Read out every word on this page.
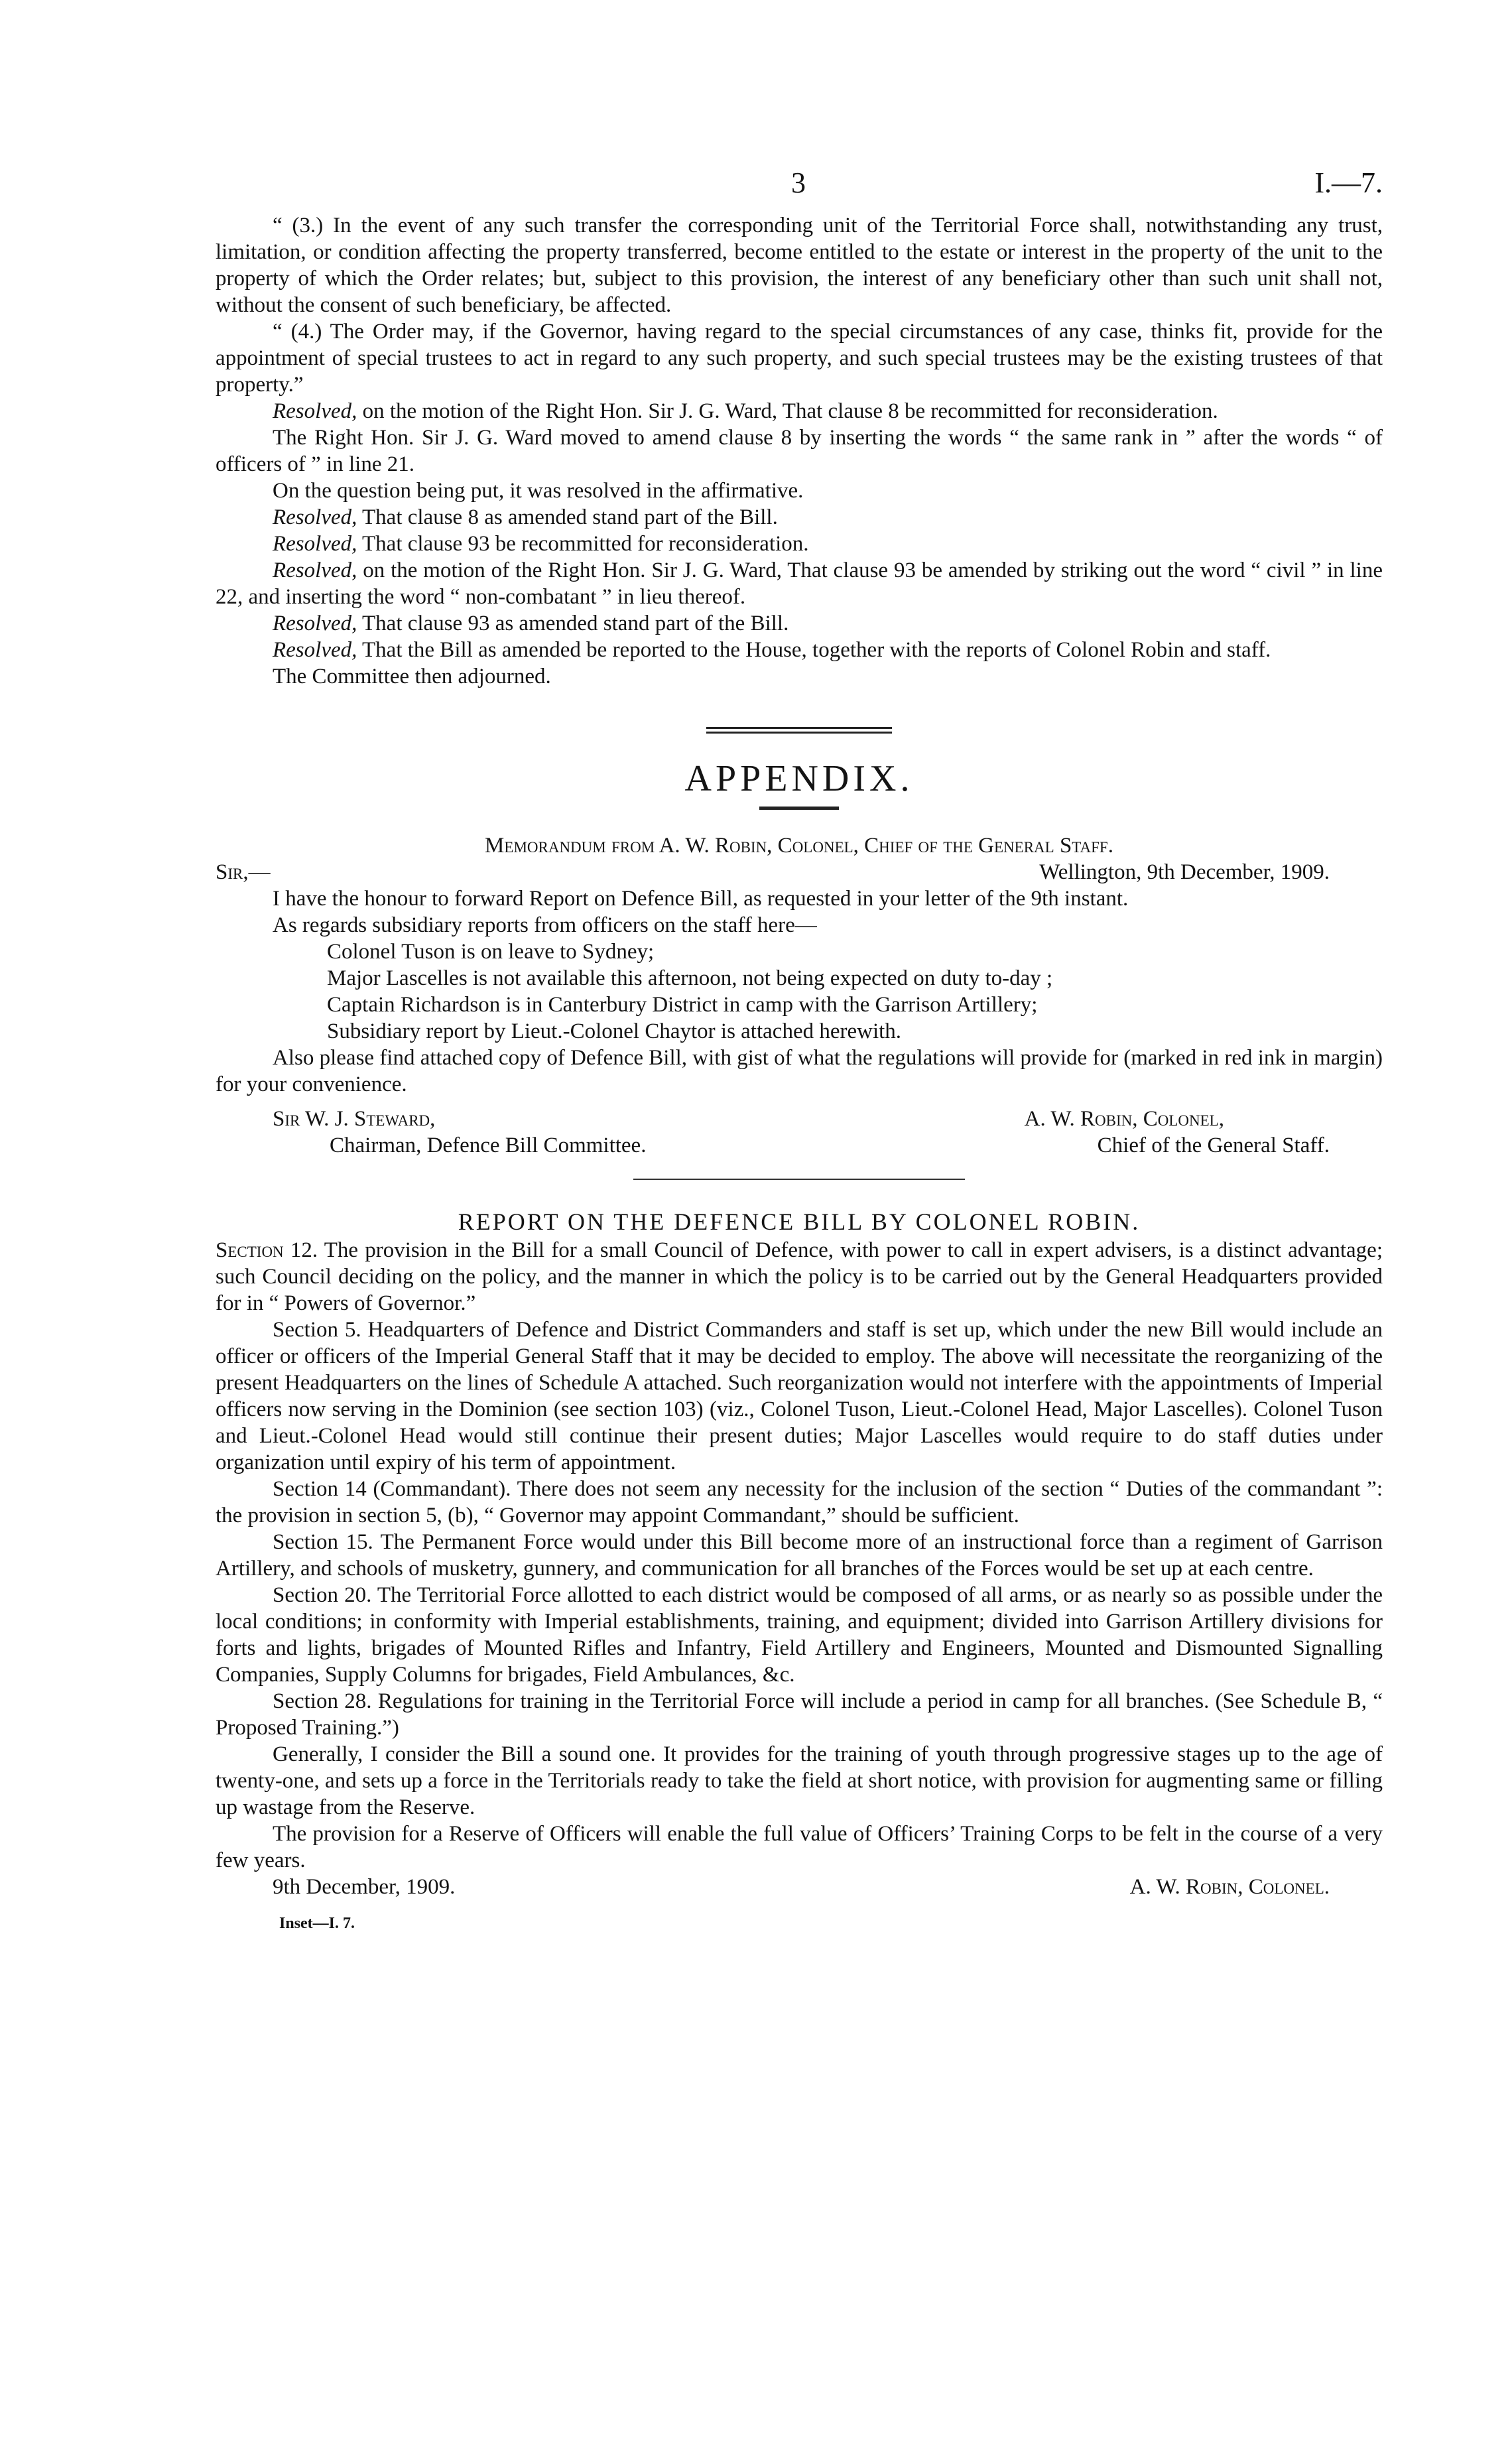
3	I.—7.

“ (3.) In the event of any such transfer the corresponding unit of the Territorial Force shall, notwithstanding any trust, limitation, or condition affecting the property transferred, become entitled to the estate or interest in the property of the unit to the property of which the Order relates; but, subject to this provision, the interest of any beneficiary other than such unit shall not, without the consent of such beneficiary, be affected.

“ (4.) The Order may, if the Governor, having regard to the special circumstances of any case, thinks fit, provide for the appointment of special trustees to act in regard to any such property, and such special trustees may be the existing trustees of that property.”

Resolved, on the motion of the Right Hon. Sir J. G. Ward, That clause 8 be recommitted for reconsideration.

The Right Hon. Sir J. G. Ward moved to amend clause 8 by inserting the words “ the same rank in ” after the words “ of officers of ” in line 21.

On the question being put, it was resolved in the affirmative.

Resolved, That clause 8 as amended stand part of the Bill.

Resolved, That clause 93 be recommitted for reconsideration.

Resolved, on the motion of the Right Hon. Sir J. G. Ward, That clause 93 be amended by striking out the word “ civil ” in line 22, and inserting the word “ non-combatant ” in lieu thereof.

Resolved, That clause 93 as amended stand part of the Bill.

Resolved, That the Bill as amended be reported to the House, together with the reports of Colonel Robin and staff.

The Committee then adjourned.

APPENDIX.
Memorandum from A. W. Robin, Colonel, Chief of the General Staff.
Sir,—	Wellington, 9th December, 1909.

I have the honour to forward Report on Defence Bill, as requested in your letter of the 9th instant.

As regards subsidiary reports from officers on the staff here—

Colonel Tuson is on leave to Sydney;

Major Lascelles is not available this afternoon, not being expected on duty to-day ;

Captain Richardson is in Canterbury District in camp with the Garrison Artillery;

Subsidiary report by Lieut.-Colonel Chaytor is attached herewith.

Also please find attached copy of Defence Bill, with gist of what the regulations will provide for (marked in red ink in margin) for your convenience.

Sir W. J. Steward,
Chairman, Defence Bill Committee.
A. W. Robin, Colonel,
Chief of the General Staff.
REPORT ON THE DEFENCE BILL BY COLONEL ROBIN.

Section 12. The provision in the Bill for a small Council of Defence, with power to call in expert advisers, is a distinct advantage; such Council deciding on the policy, and the manner in which the policy is to be carried out by the General Headquarters provided for in “ Powers of Governor.”

Section 5. Headquarters of Defence and District Commanders and staff is set up, which under the new Bill would include an officer or officers of the Imperial General Staff that it may be decided to employ. The above will necessitate the reorganizing of the present Headquarters on the lines of Schedule A attached. Such reorganization would not interfere with the appointments of Imperial officers now serving in the Dominion (see section 103) (viz., Colonel Tuson, Lieut.-Colonel Head, Major Lascelles). Colonel Tuson and Lieut.-Colonel Head would still continue their present duties; Major Lascelles would require to do staff duties under organization until expiry of his term of appointment.

Section 14 (Commandant). There does not seem any necessity for the inclusion of the section “ Duties of the commandant ”: the provision in section 5, (b), “ Governor may appoint Commandant,” should be sufficient.

Section 15. The Permanent Force would under this Bill become more of an instructional force than a regiment of Garrison Artillery, and schools of musketry, gunnery, and communication for all branches of the Forces would be set up at each centre.

Section 20. The Territorial Force allotted to each district would be composed of all arms, or as nearly so as possible under the local conditions; in conformity with Imperial establishments, training, and equipment; divided into Garrison Artillery divisions for forts and lights, brigades of Mounted Rifles and Infantry, Field Artillery and Engineers, Mounted and Dismounted Signalling Companies, Supply Columns for brigades, Field Ambulances, &c.

Section 28. Regulations for training in the Territorial Force will include a period in camp for all branches. (See Schedule B, “ Proposed Training.”)

Generally, I consider the Bill a sound one. It provides for the training of youth through progressive stages up to the age of twenty-one, and sets up a force in the Territorials ready to take the field at short notice, with provision for augmenting same or filling up wastage from the Reserve.

The provision for a Reserve of Officers will enable the full value of Officers’ Training Corps to be felt in the course of a very few years.

9th December, 1909.	A. W. Robin, Colonel.
Inset—I. 7.
